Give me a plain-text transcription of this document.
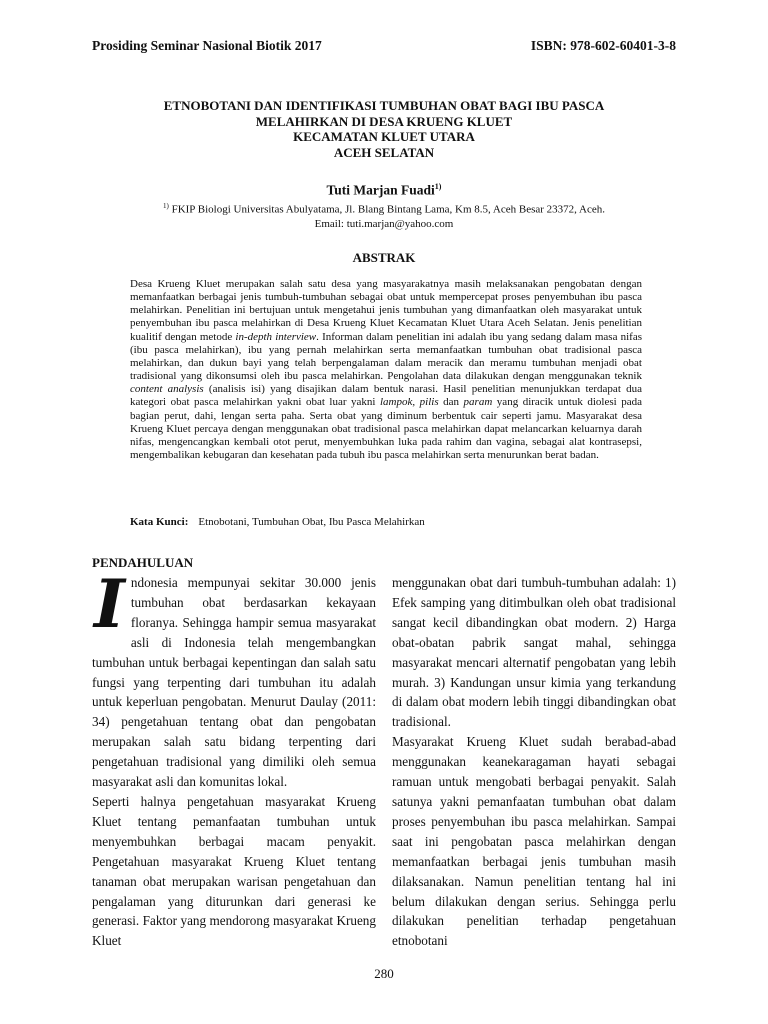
Prosiding Seminar Nasional Biotik 2017	ISBN: 978-602-60401-3-8
ETNOBOTANI DAN IDENTIFIKASI TUMBUHAN OBAT BAGI IBU PASCA
MELAHIRKAN DI DESA KRUENG KLUET
KECAMATAN KLUET UTARA
ACEH SELATAN
Tuti Marjan Fuadi$^{1)}$
$^{1)}$ FKIP Biologi Universitas Abulyatama, Jl. Blang Bintang Lama, Km 8.5, Aceh Besar 23372, Aceh.
Email: tuti.marjan@yahoo.com
ABSTRAK
Desa Krueng Kluet merupakan salah satu desa yang masyarakatnya masih melaksanakan pengobatan dengan memanfaatkan berbagai jenis tumbuh-tumbuhan sebagai obat untuk mempercepat proses penyembuhan ibu pasca melahirkan. Penelitian ini bertujuan untuk mengetahui jenis tumbuhan yang dimanfaatkan oleh masyarakat untuk penyembuhan ibu pasca melahirkan di Desa Krueng Kluet Kecamatan Kluet Utara Aceh Selatan. Jenis penelitian kualitif dengan metode in-depth interview. Informan dalam penelitian ini adalah ibu yang sedang dalam masa nifas (ibu pasca melahirkan), ibu yang pernah melahirkan serta memanfaatkan tumbuhan obat tradisional pasca melahirkan, dan dukun bayi yang telah berpengalaman dalam meracik dan meramu tumbuhan menjadi obat tradisional yang dikonsumsi oleh ibu pasca melahirkan. Pengolahan data dilakukan dengan menggunakan teknik content analysis (analisis isi) yang disajikan dalam bentuk narasi. Hasil penelitian menunjukkan terdapat dua kategori obat pasca melahirkan yakni obat luar yakni lampok, pilis dan param yang diracik untuk diolesi pada bagian perut, dahi, lengan serta paha. Serta obat yang diminum berbentuk cair seperti jamu. Masyarakat desa Krueng Kluet percaya dengan menggunakan obat tradisional pasca melahirkan dapat melancarkan keluarnya darah nifas, mengencangkan kembali otot perut, menyembuhkan luka pada rahim dan vagina, sebagai alat kontrasepsi, mengembalikan kebugaran dan kesehatan pada tubuh ibu pasca melahirkan serta menurunkan berat badan.
Kata Kunci: Etnobotani, Tumbuhan Obat, Ibu Pasca Melahirkan
PENDAHULUAN

Indonesia mempunyai sekitar 30.000 jenis tumbuhan obat berdasarkan kekayaan floranya. Sehingga hampir semua masyarakat asli di Indonesia telah mengembangkan tumbuhan untuk berbagai kepentingan dan salah satu fungsi yang terpenting dari tumbuhan itu adalah untuk keperluan pengobatan. Menurut Daulay (2011: 34) pengetahuan tentang obat dan pengobatan merupakan salah satu bidang terpenting dari pengetahuan tradisional yang dimiliki oleh semua masyarakat asli dan komunitas lokal.

Seperti halnya pengetahuan masyarakat Krueng Kluet tentang pemanfaatan tumbuhan untuk menyembuhkan berbagai macam penyakit. Pengetahuan masyarakat Krueng Kluet tentang tanaman obat merupakan warisan pengetahuan dan pengalaman yang diturunkan dari generasi ke generasi. Faktor yang mendorong masyarakat Krueng Kluet

menggunakan obat dari tumbuh-tumbuhan adalah: 1) Efek samping yang ditimbulkan oleh obat tradisional sangat kecil dibandingkan obat modern. 2) Harga obat-obatan pabrik sangat mahal, sehingga masyarakat mencari alternatif pengobatan yang lebih murah. 3) Kandungan unsur kimia yang terkandung di dalam obat modern lebih tinggi dibandingkan obat tradisional.

Masyarakat Krueng Kluet sudah berabad-abad menggunakan keanekaragaman hayati sebagai ramuan untuk mengobati berbagai penyakit. Salah satunya yakni pemanfaatan tumbuhan obat dalam proses penyembuhan ibu pasca melahirkan. Sampai saat ini pengobatan pasca melahirkan dengan memanfaatkan berbagai jenis tumbuhan masih dilaksanakan. Namun penelitian tentang hal ini belum dilakukan dengan serius. Sehingga perlu dilakukan penelitian terhadap pengetahuan etnobotani

280
